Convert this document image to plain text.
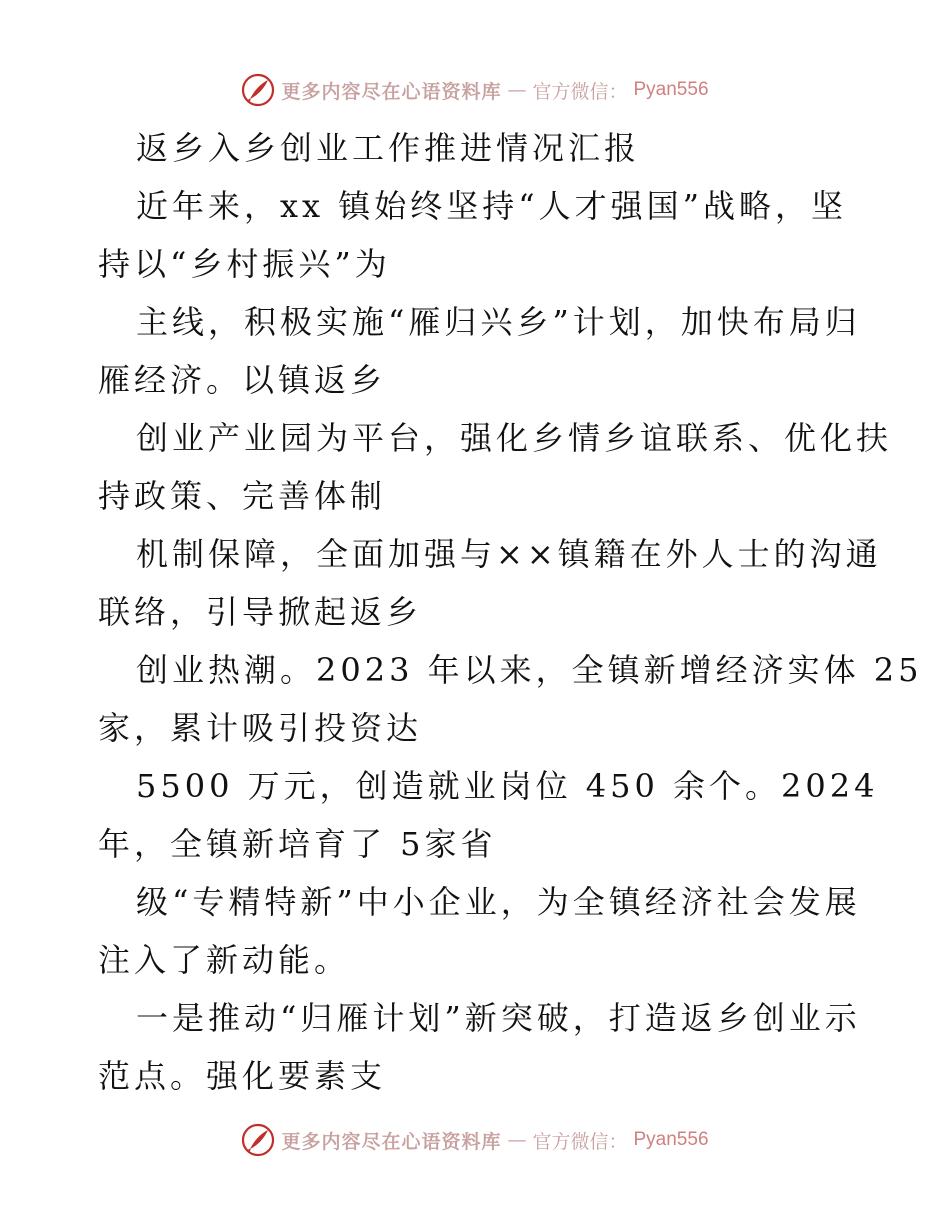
更多内容尽在心语资料库 — 官方微信： Pyan556
返乡入乡创业工作推进情况汇报
近年来，xx 镇始终坚持“人才强国”战略，坚
持以“乡村振兴”为
主线，积极实施“雁归兴乡”计划，加快布局归
雁经济。以镇返乡
创业产业园为平台，强化乡情乡谊联系、优化扶
持政策、完善体制
机制保障，全面加强与××镇籍在外人士的沟通
联络，引导掀起返乡
创业热潮。2023 年以来，全镇新增经济实体 25
家，累计吸引投资达
5500 万元，创造就业岗位 450 余个。2024
年，全镇新培育了 5家省
级“专精特新”中小企业，为全镇经济社会发展
注入了新动能。
一是推动“归雁计划”新突破，打造返乡创业示
范点。强化要素支
更多内容尽在心语资料库 — 官方微信： Pyan556
